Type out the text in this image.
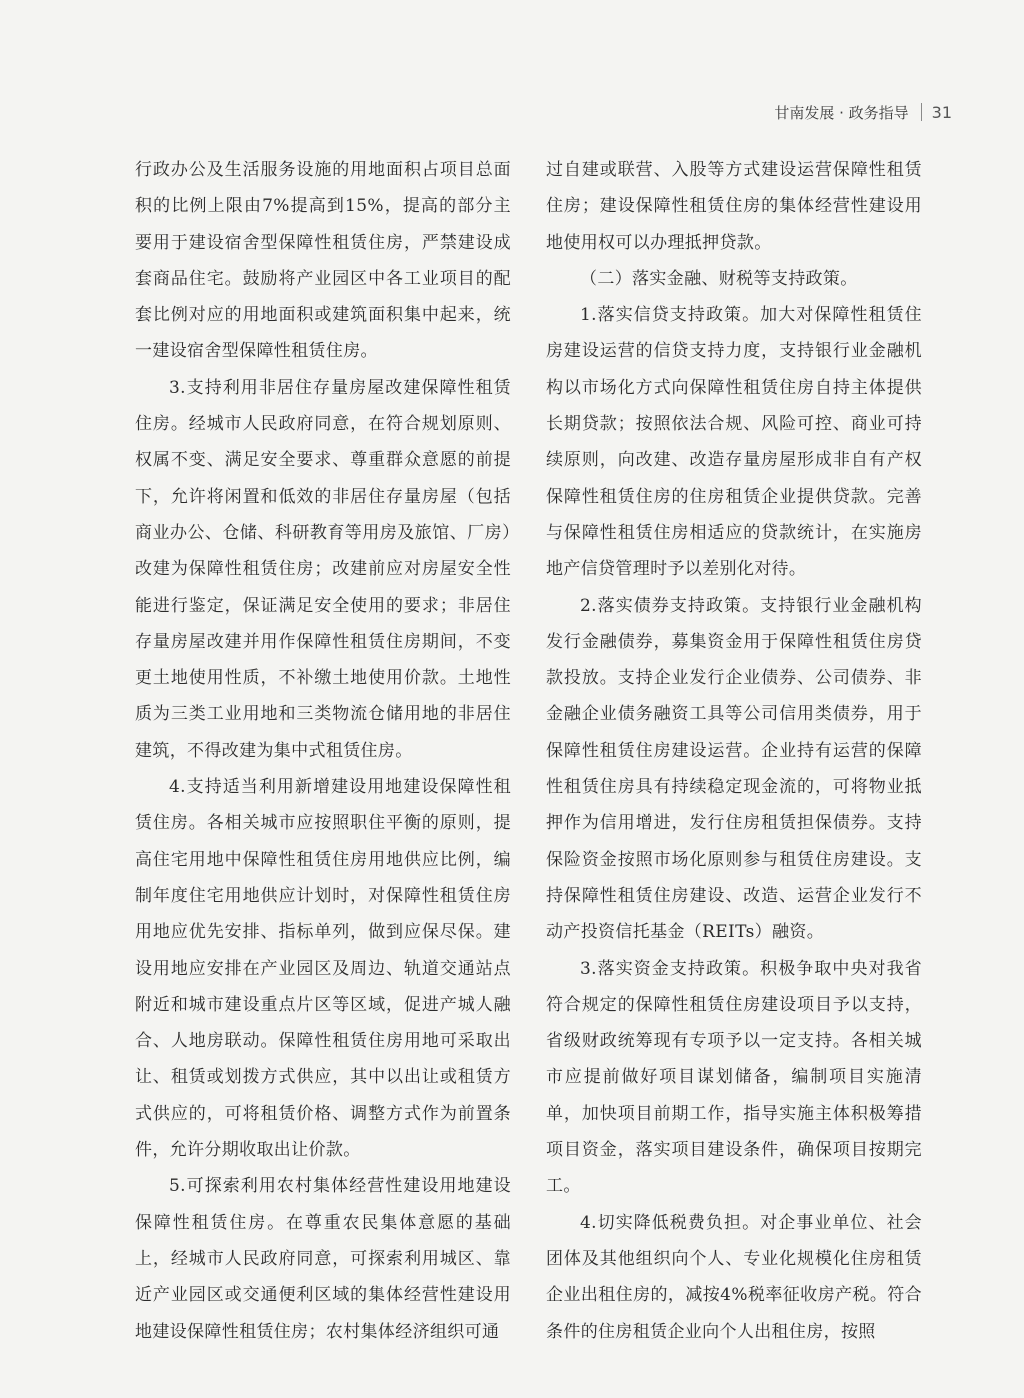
甘南发展 · 政务指导 31

行政办公及生活服务设施的用地面积占项目总面积的比例上限由7%提高到15%，提高的部分主要用于建设宿舍型保障性租赁住房，严禁建设成套商品住宅。鼓励将产业园区中各工业项目的配套比例对应的用地面积或建筑面积集中起来，统一建设宿舍型保障性租赁住房。

3.支持利用非居住存量房屋改建保障性租赁住房。经城市人民政府同意，在符合规划原则、权属不变、满足安全要求、尊重群众意愿的前提下，允许将闲置和低效的非居住存量房屋（包括商业办公、仓储、科研教育等用房及旅馆、厂房）改建为保障性租赁住房；改建前应对房屋安全性能进行鉴定，保证满足安全使用的要求；非居住存量房屋改建并用作保障性租赁住房期间，不变更土地使用性质，不补缴土地使用价款。土地性质为三类工业用地和三类物流仓储用地的非居住建筑，不得改建为集中式租赁住房。

4.支持适当利用新增建设用地建设保障性租赁住房。各相关城市应按照职住平衡的原则，提高住宅用地中保障性租赁住房用地供应比例，编制年度住宅用地供应计划时，对保障性租赁住房用地应优先安排、指标单列，做到应保尽保。建设用地应安排在产业园区及周边、轨道交通站点附近和城市建设重点片区等区域，促进产城人融合、人地房联动。保障性租赁住房用地可采取出让、租赁或划拨方式供应，其中以出让或租赁方式供应的，可将租赁价格、调整方式作为前置条件，允许分期收取出让价款。

5.可探索利用农村集体经营性建设用地建设保障性租赁住房。在尊重农民集体意愿的基础上，经城市人民政府同意，可探索利用城区、靠近产业园区或交通便利区域的集体经营性建设用地建设保障性租赁住房；农村集体经济组织可通

过自建或联营、入股等方式建设运营保障性租赁住房；建设保障性租赁住房的集体经营性建设用地使用权可以办理抵押贷款。

（二）落实金融、财税等支持政策。

1.落实信贷支持政策。加大对保障性租赁住房建设运营的信贷支持力度，支持银行业金融机构以市场化方式向保障性租赁住房自持主体提供长期贷款；按照依法合规、风险可控、商业可持续原则，向改建、改造存量房屋形成非自有产权保障性租赁住房的住房租赁企业提供贷款。完善与保障性租赁住房相适应的贷款统计，在实施房地产信贷管理时予以差别化对待。

2.落实债券支持政策。支持银行业金融机构发行金融债券，募集资金用于保障性租赁住房贷款投放。支持企业发行企业债券、公司债券、非金融企业债务融资工具等公司信用类债券，用于保障性租赁住房建设运营。企业持有运营的保障性租赁住房具有持续稳定现金流的，可将物业抵押作为信用增进，发行住房租赁担保债券。支持保险资金按照市场化原则参与租赁住房建设。支持保障性租赁住房建设、改造、运营企业发行不动产投资信托基金（REITs）融资。

3.落实资金支持政策。积极争取中央对我省符合规定的保障性租赁住房建设项目予以支持，省级财政统筹现有专项予以一定支持。各相关城市应提前做好项目谋划储备，编制项目实施清单，加快项目前期工作，指导实施主体积极筹措项目资金，落实项目建设条件，确保项目按期完工。

4.切实降低税费负担。对企事业单位、社会团体及其他组织向个人、专业化规模化住房租赁企业出租住房的，减按4%税率征收房产税。符合条件的住房租赁企业向个人出租住房，按照
